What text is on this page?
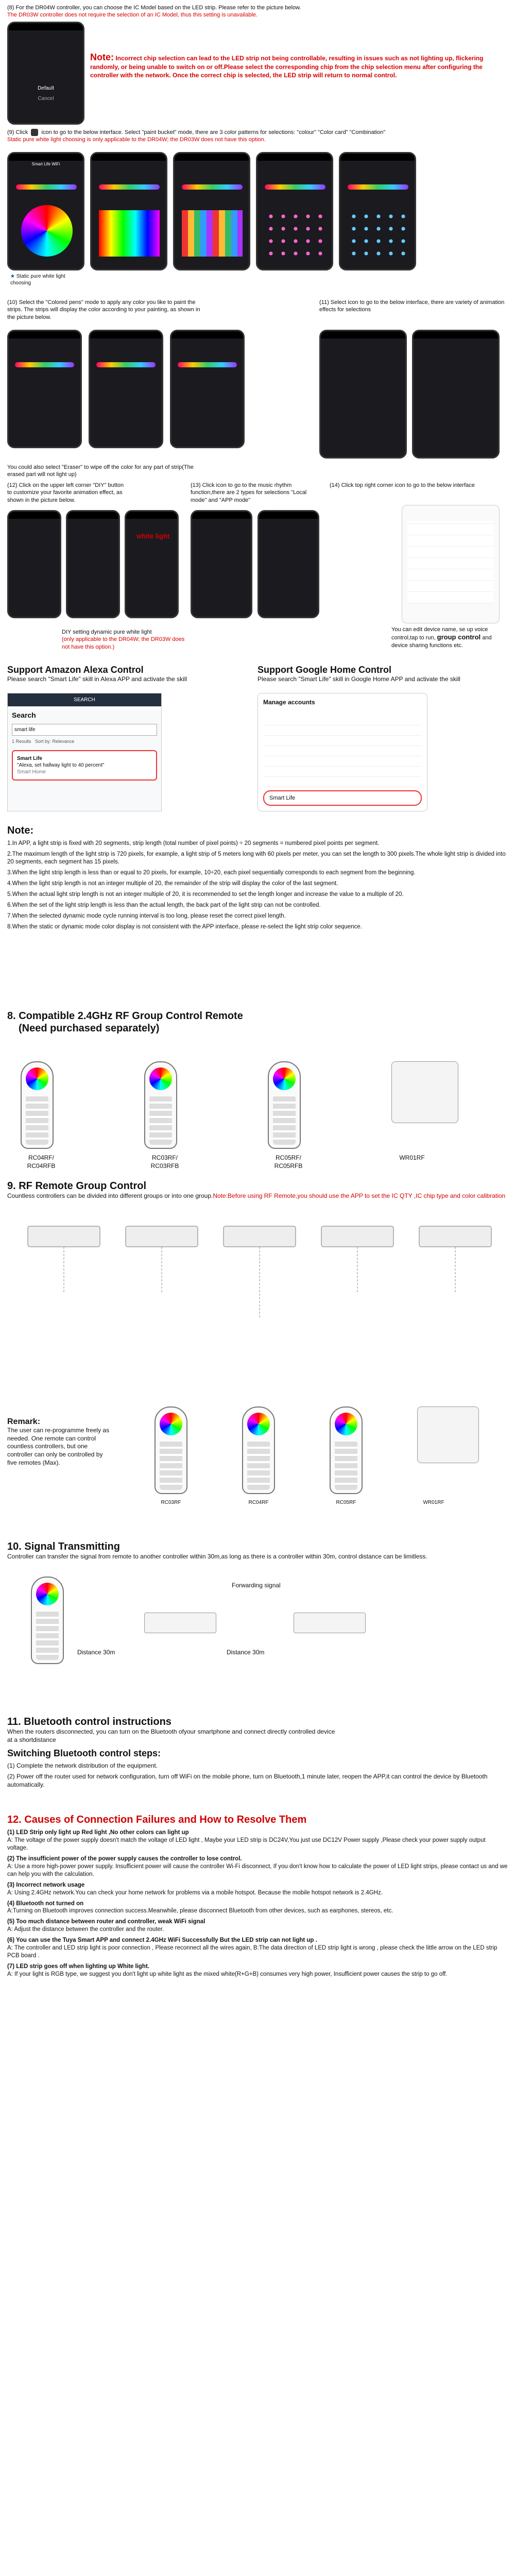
(8) For the DR04W controller, you can choose the IC Model based on the LED strip. Please refer to the picture below.
The DR03W controller does not require the selection of an IC Model, thus this setting is unavailable.
Default
Cancel
Note: Incorrect chip selection can lead to the LED strip not being controllable, resulting in issues such as not lighting up, flickering randomly, or being unable to switch on or off.Please select the corresponding chip from the chip selection menu after configuring the controller with the network. Once the correct chip is selected, the LED strip will return to normal control.
(9) Click icon to go to the below interface. Select "paint bucket" mode, there are 3 color patterns for selections: "colour" "Color card" "Combination"
Static pure white light choosing is only applicable to the DR04W; the DR03W does not have this option.
Smart Life WiFi
★ Static pure white light choosing
(10) Select the "Colored pens" mode to apply any color you like to paint the strips. The strips will display the color according to your painting, as shown in the picture below.
(11) Select icon to go to the below interface, there are variety of animation effects for selections
You could also select "Eraser" to wipe off the color for any part of strip(The erased part will not light up)
(12) Click on the upper left corner "DIY" button to customize your favorite animation effect, as shown in the picture below.
(13) Click icon to go to the music rhythm function,there are 2 types for selections "Local mode" and "APP mode"
(14) Click top right corner icon to go to the below interface
white light
DIY setting dynamic pure white light
(only applicable to the DR04W; the DR03W does not have this option.)
You can edit device name, se up voice control,tap to run, group control and device sharing functions etc.
Support Amazon Alexa Control
Please search "Smart Life" skill in Alexa APP and activate the skill
SEARCH
Search
smart life
1 Results Sort by: Relevance
Smart Life
"Alexa, set hallway light to 40 percent"
Smart Home
Support Google Home Control
Please search "Smart Life" skill in Google Home APP and activate the skill
Manage accounts
Smart Life
Note:
1.In APP, a light strip is fixed with 20 segments, strip length (total number of pixel points) ÷ 20 segments = numbered pixel points per segment.
2.The maximum length of the light strip is 720 pixels, for example, a light strip of 5 meters long with 60 pixels per meter, you can set the length to 300 pixels.The whole light strip is divided into 20 segments, each segment has 15 pixels.
3.When the light strip length is less than or equal to 20 pixels, for example, 10÷20, each pixel sequentially corresponds to each segment from the beginning.
4.When the light strip length is not an integer multiple of 20, the remainder of the strip will display the color of the last segment.
5.When the actual light strip length is not an integer multiple of 20, it is recommended to set the length longer and increase the value to a multiple of 20.
6.When the set of the light strip length is less than the actual length, the back part of the light strip can not be controlled.
7.When the selected dynamic mode cycle running interval is too long, please reset the correct pixel length.
8.When the static or dynamic mode color display is not consistent with the APP interface, please re-select the light strip color sequence.
8. Compatible 2.4GHz RF Group Control Remote
(Need purchased separately)
9. RF Remote Group Control
Countless controllers can be divided into different groups or into one group.Note:Before using RF Remote,you should use the APP to set the IC QTY ,IC chip type and color calibration
Remark:
The user can re-programme freely as needed. One remote can control countless controllers, but one controller can only be controlled by five remotes (Max).
10. Signal Transmitting
Controller can transfer the signal from remote to another controller within 30m,as long as there is a controller within 30m, control distance can be limitless.
Forwarding signal
Distance 30m	Distance 30m
11. Bluetooth control instructions
When the routers disconnected, you can turn on the Bluetooth ofyour smartphone and connect directly controlled device at a shortdistance
Switching Bluetooth control steps:
(1) Complete the network distribution of the equipment.
(2) Power off the router used for network configuration, turn off WiFi on the mobile phone, turn on Bluetooth,1 minute later, reopen the APP,it can control the device by Bluetooth automatically.
12. Causes of Connection Failures and How to Resolve Them
(1) LED Strip only light up Red light ,No other colors can light up
A: The voltage of the power supply doesn't match the voltage of LED light , Maybe your LED strip is DC24V,You just use DC12V Power supply ,Please check your power supply output voltage.
(2) The insufficient power of the power supply causes the controller to lose control.
A: Use a more high-power power supply. Insufficient power will cause the controller Wi-Fi disconnect, If you don't know how to calculate the power of LED light strips, please contact us and we can help you with the calculation.
(3) Incorrect network usage
A: Using 2.4GHz network.You can check your home network for problems via a mobile hotspot. Because the mobile hotspot network is 2.4GHz.
(4) Bluetooth not turned on
A:Turning on Bluetooth improves connection success.Meanwhile, please disconnect Bluetooth from other devices, such as earphones, stereos, etc.
(5) Too much distance between router and controller, weak WiFi signal
A: Adjust the distance between the controller and the router.
(6) You can use the Tuya Smart APP and connect 2.4GHz WiFi Successfully But the LED strip can not light up .
A: The controller and LED strip light is poor connection , Please reconnect all the wires again, B:The data direction of LED strip light is wrong , please check the little arrow on the LED strip PCB board .
(7) LED strip goes off when lighting up White light.
A: If your light is RGB type, we suggest you don't light up white light as the mixed white(R+G+B) consumes very high power, Insufficient power causes the strip to go off.
RC04RF/
RC04RFB
RC03RF/
RC03RFB
RC05RF/
RC05RFB
WR01RF
RC03RF	RC04RF	RC05RF	WR01RF
